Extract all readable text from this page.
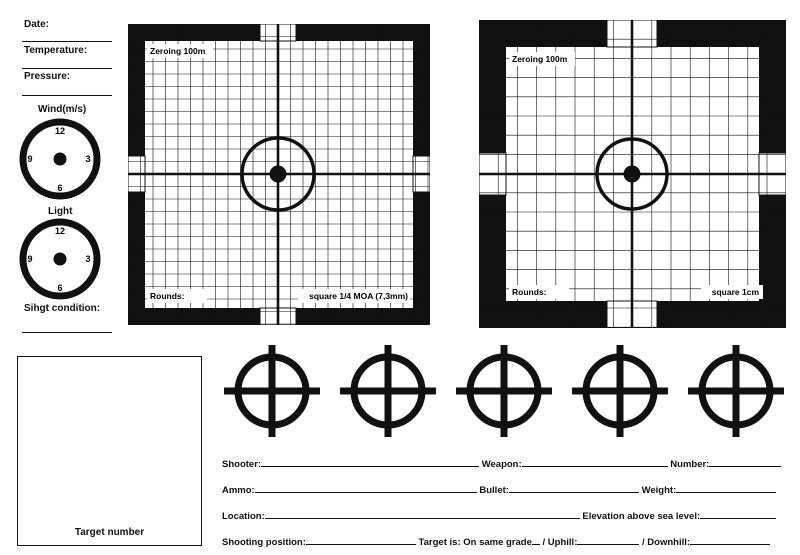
Date:
Temperature:
Pressure:
Wind(m/s)
12
3
6
9
Light
12
3
6
9
Sihgt condition:
Zeroing 100m
Rounds:	square 1/4 MOA (7,3mm)
Zeroing 100m
Rounds:	square 1cm
Target number
Shooter:	Weapon:	Number:
Ammo:	Bullet:	Weight:
Location:	Elevation above sea level:
Shooting position:	Target is: On same grade / Uphill:	/ Downhill:
